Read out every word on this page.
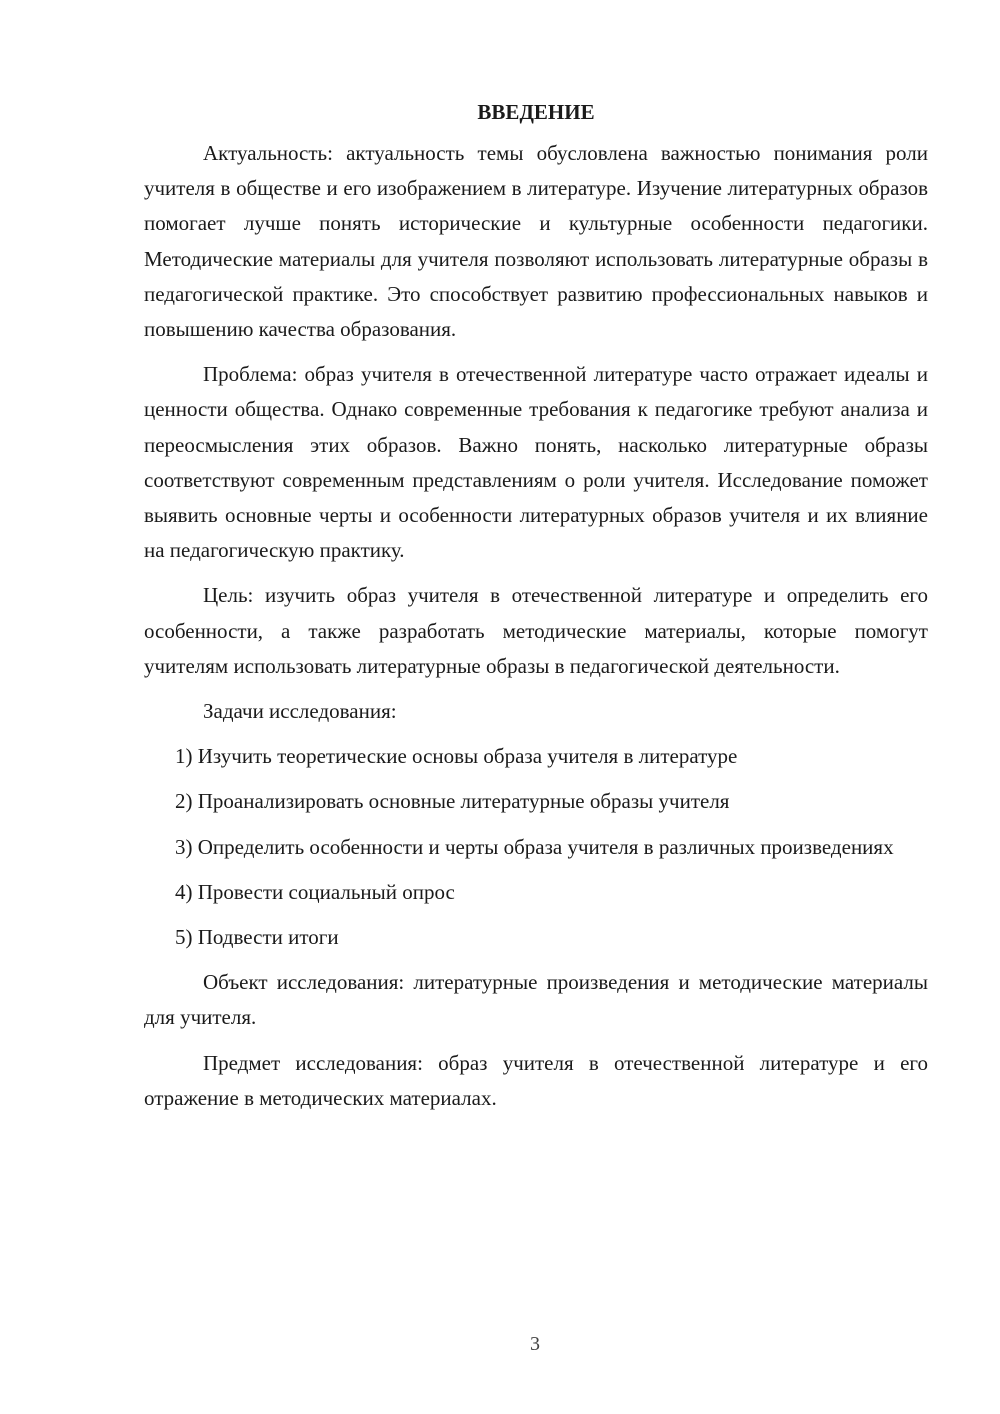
ВВЕДЕНИЕ

Актуальность: актуальность темы обусловлена важностью понимания роли учителя в обществе и его изображением в литературе. Изучение литературных образов помогает лучше понять исторические и культурные особенности педагогики. Методические материалы для учителя позволяют использовать литературные образы в педагогической практике. Это способствует развитию профессиональных навыков и повышению качества образования.

Проблема: образ учителя в отечественной литературе часто отражает идеалы и ценности общества. Однако современные требования к педагогике требуют анализа и переосмысления этих образов. Важно понять, насколько литературные образы соответствуют современным представлениям о роли учителя. Исследование поможет выявить основные черты и особенности литературных образов учителя и их влияние на педагогическую практику.

Цель: изучить образ учителя в отечественной литературе и определить его особенности, а также разработать методические материалы, которые помогут учителям использовать литературные образы в педагогической деятельности.

Задачи исследования:

1) Изучить теоретические основы образа учителя в литературе

2) Проанализировать основные литературные образы учителя

3) Определить особенности и черты образа учителя в различных произведениях

4) Провести социальный опрос

5) Подвести итоги

Объект исследования: литературные произведения и методические материалы для учителя.

Предмет исследования: образ учителя в отечественной литературе и его отражение в методических материалах.

3
